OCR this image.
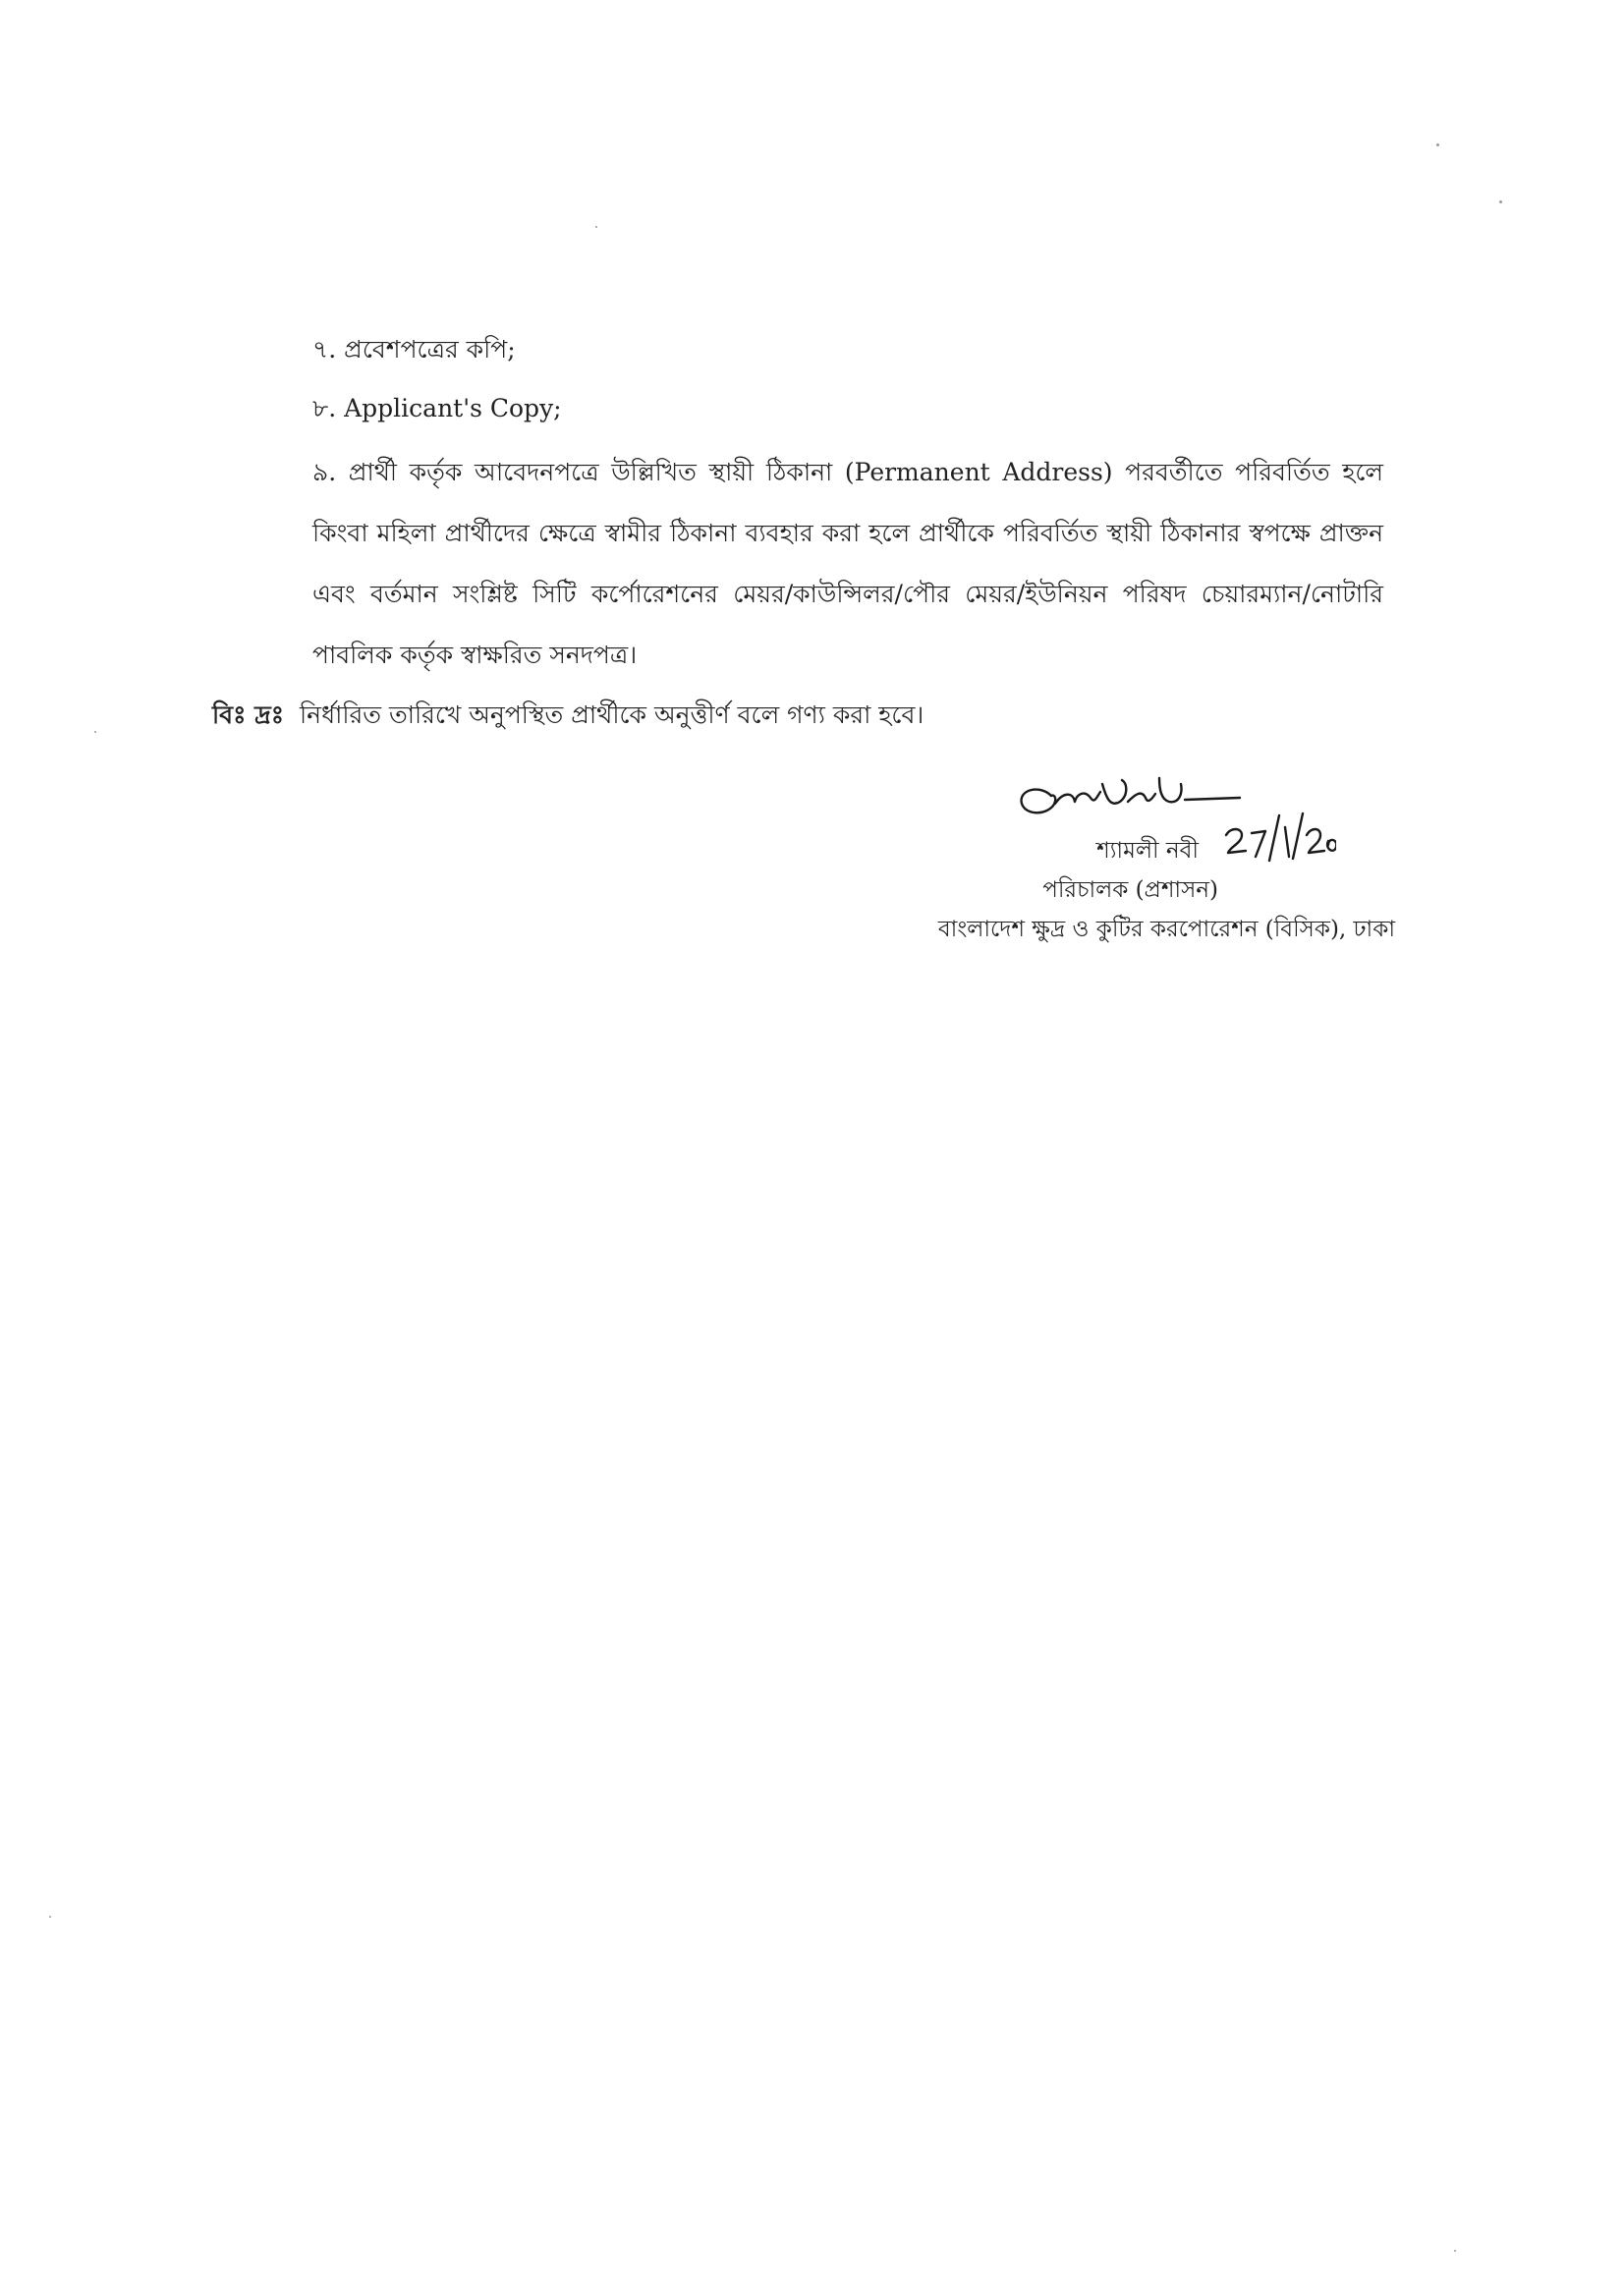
৭. প্রবেশপত্রের কপি;
৮. Applicant's Copy;
৯. প্রার্থী কর্তৃক আবেদনপত্রে উল্লিখিত স্থায়ী ঠিকানা (Permanent Address) পরবর্তীতে পরিবর্তিত হলে কিংবা মহিলা প্রার্থীদের ক্ষেত্রে স্বামীর ঠিকানা ব্যবহার করা হলে প্রার্থীকে পরিবর্তিত স্থায়ী ঠিকানার স্বপক্ষে প্রাক্তন এবং বর্তমান সংশ্লিষ্ট সিটি কর্পোরেশনের মেয়র/কাউন্সিলর/পৌর মেয়র/ইউনিয়ন পরিষদ চেয়ারম্যান/নোটারি পাবলিক কর্তৃক স্বাক্ষরিত সনদপত্র।
বিঃ দ্রঃ নির্ধারিত তারিখে অনুপস্থিত প্রার্থীকে অনুত্তীর্ণ বলে গণ্য করা হবে।
শ্যামলী নবী
পরিচালক (প্রশাসন)
বাংলাদেশ ক্ষুদ্র ও কুটির করপোরেশন (বিসিক), ঢাকা
